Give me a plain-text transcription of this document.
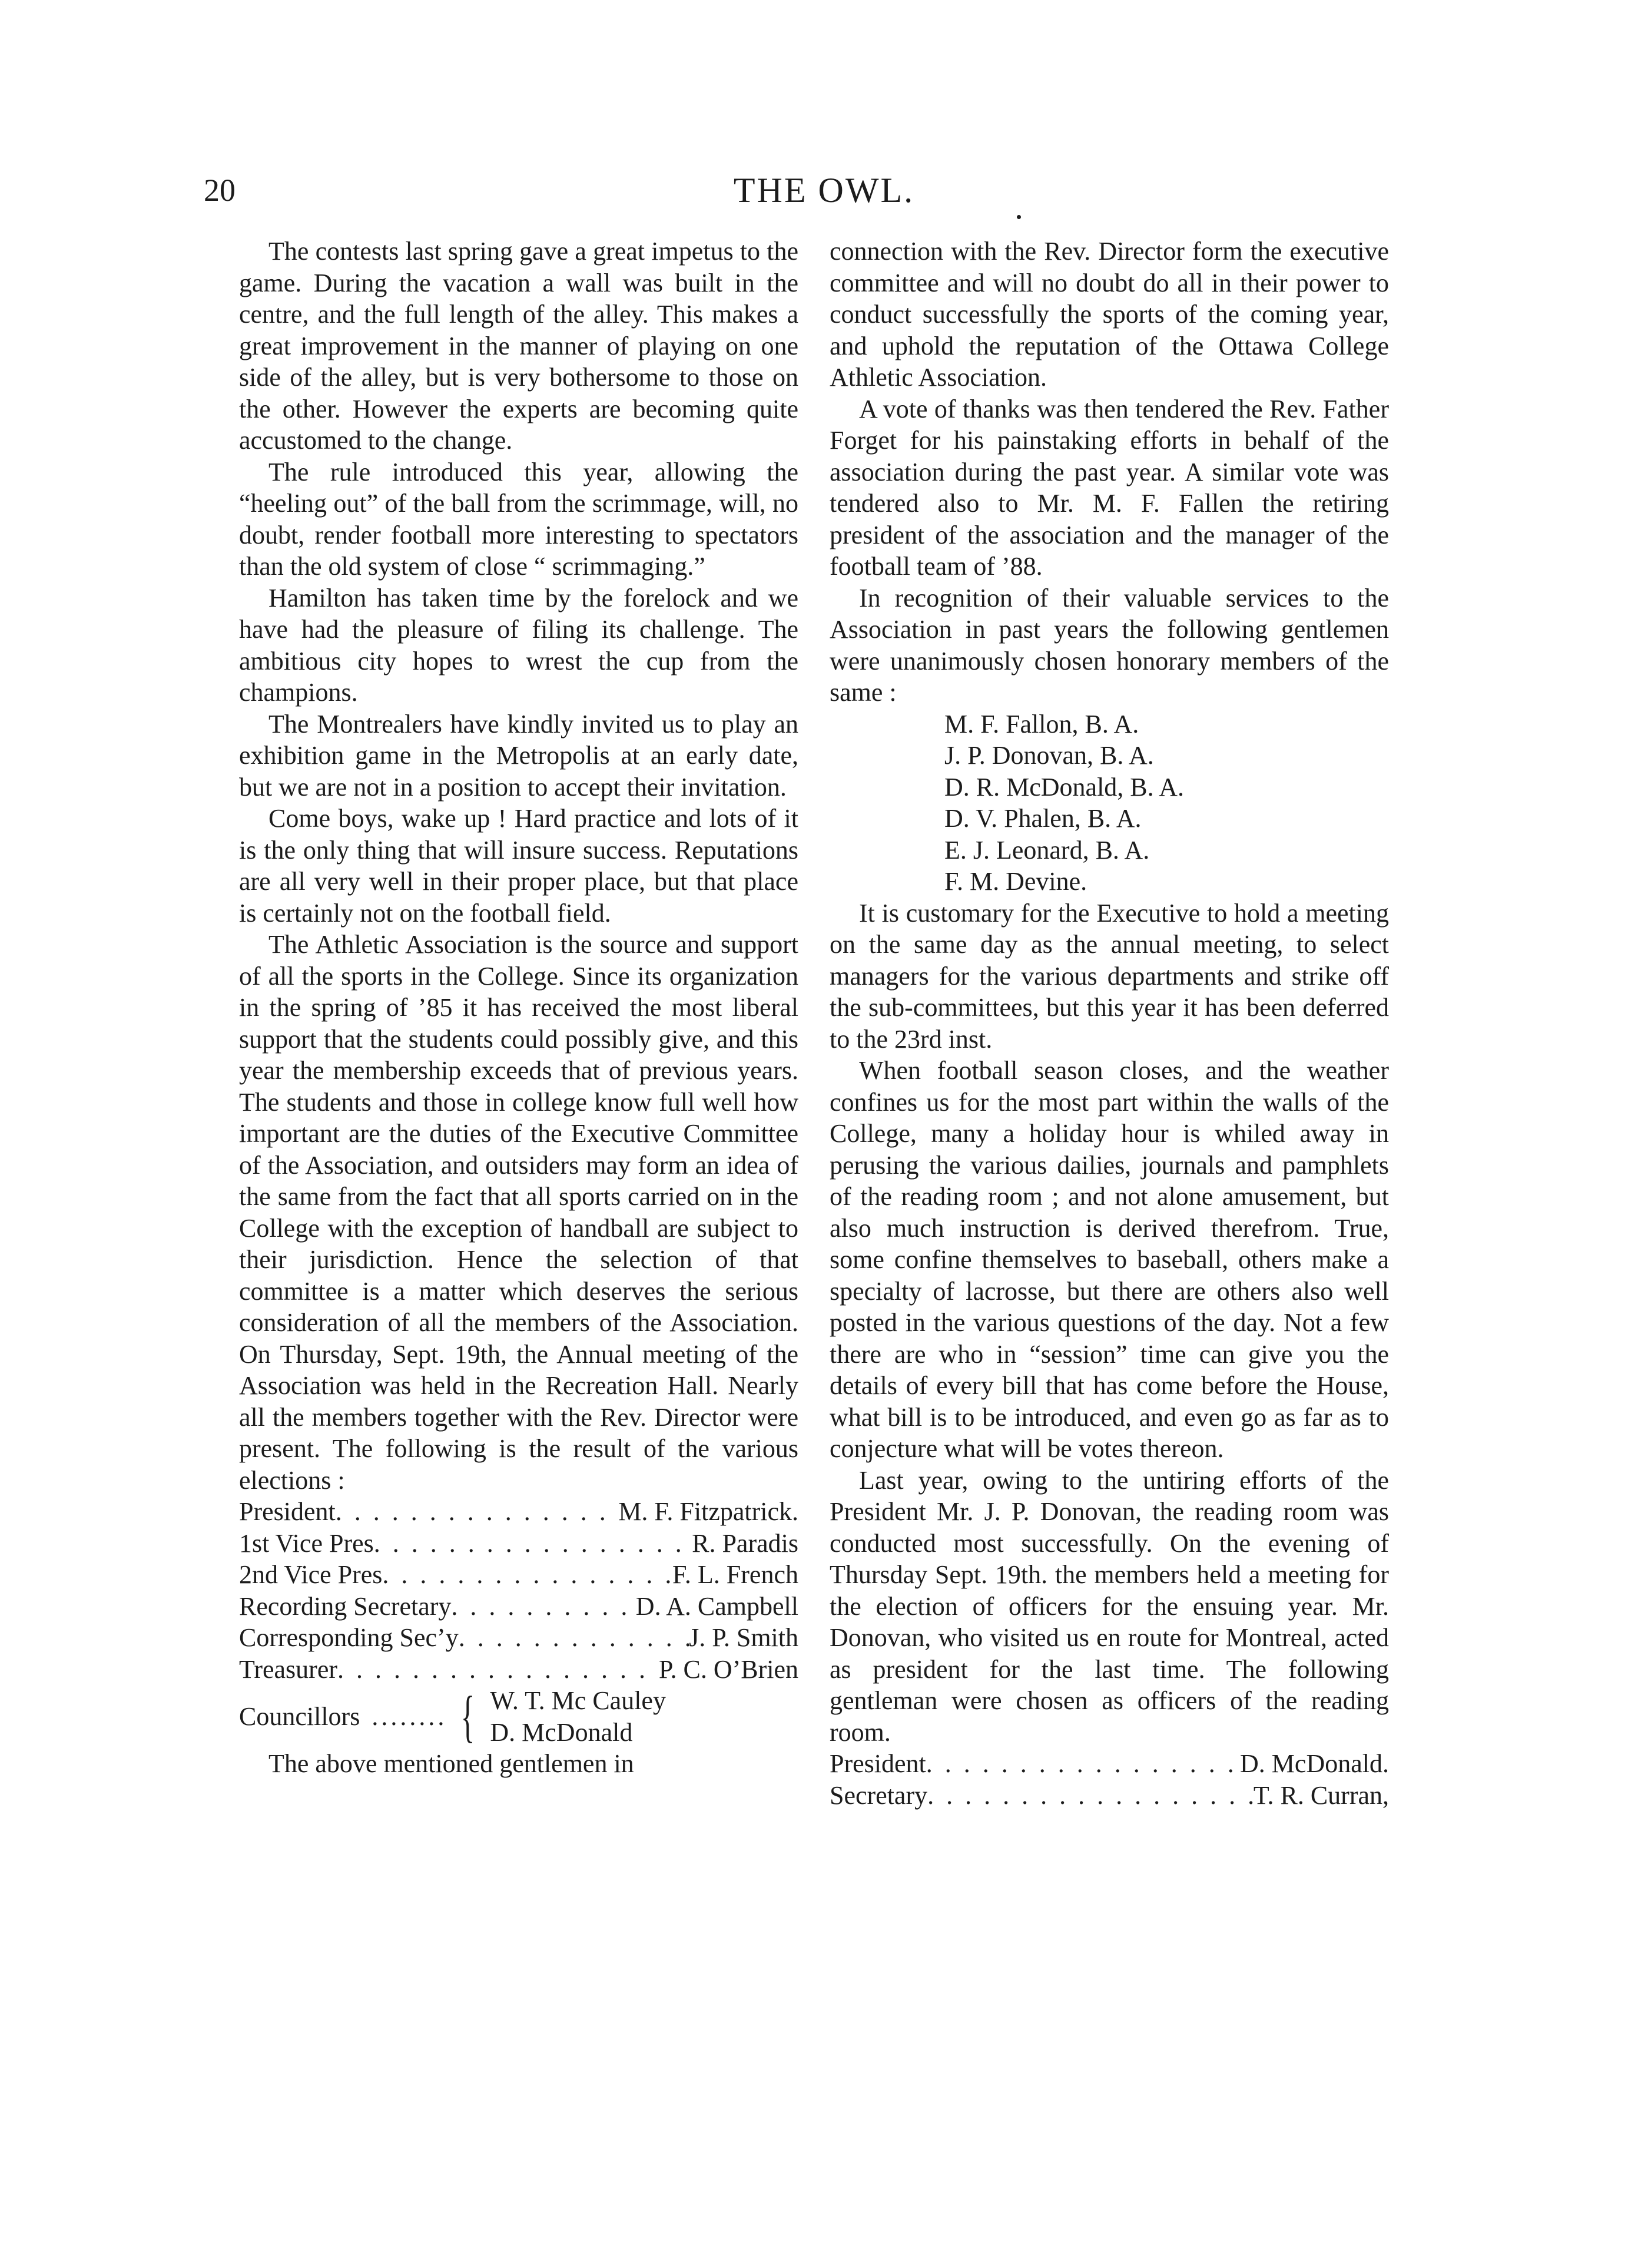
20	THE OWL.

The contests last spring gave a great impetus to the game. During the vacation a wall was built in the centre, and the full length of the alley. This makes a great improvement in the manner of playing on one side of the alley, but is very bothersome to those on the other. However the experts are becoming quite accustomed to the change.

The rule introduced this year, allowing the “heeling out” of the ball from the scrimmage, will, no doubt, render football more interesting to spectators than the old system of close “ scrimmaging.”

Hamilton has taken time by the forelock and we have had the pleasure of filing its challenge. The ambitious city hopes to wrest the cup from the champions.

The Montrealers have kindly invited us to play an exhibition game in the Metropolis at an early date, but we are not in a position to accept their invitation.

Come boys, wake up ! Hard practice and lots of it is the only thing that will insure success. Reputations are all very well in their proper place, but that place is certainly not on the football field.

The Athletic Association is the source and support of all the sports in the College. Since its organization in the spring of ’85 it has received the most liberal support that the students could possibly give, and this year the membership exceeds that of previous years. The students and those in college know full well how important are the duties of the Executive Committee of the Association, and outsiders may form an idea of the same from the fact that all sports carried on in the College with the exception of handball are subject to their jurisdiction. Hence the selection of that committee is a matter which deserves the serious consideration of all the members of the Association. On Thursday, Sept. 19th, the Annual meeting of the Association was held in the Recreation Hall. Nearly all the members together with the Rev. Director were present. The following is the result of the various elections :

President . . .	M. F. Fitzpatrick.
1st Vice Pres . . .	R. Paradis
2nd Vice Pres . . .	F. L. French
Recording Secretary . . .	D. A. Campbell
Corresponding Sec’y . . .	J. P. Smith
Treasurer . . .	P. C. O’Brien
Councillors ........ { W. T. Mc Cauley
D. McDonald

The above mentioned gentlemen in

connection with the Rev. Director form the executive committee and will no doubt do all in their power to conduct successfully the sports of the coming year, and uphold the reputation of the Ottawa College Athletic Association.

A vote of thanks was then tendered the Rev. Father Forget for his painstaking efforts in behalf of the association during the past year. A similar vote was tendered also to Mr. M. F. Fallen the retiring president of the association and the manager of the football team of ’88.

In recognition of their valuable services to the Association in past years the following gentlemen were unanimously chosen honorary members of the same :

M. F. Fallon, B. A.
J. P. Donovan, B. A.
D. R. McDonald, B. A.
D. V. Phalen, B. A.
E. J. Leonard, B. A.
F. M. Devine.

It is customary for the Executive to hold a meeting on the same day as the annual meeting, to select managers for the various departments and strike off the sub-committees, but this year it has been deferred to the 23rd inst.

When football season closes, and the weather confines us for the most part within the walls of the College, many a holiday hour is whiled away in perusing the various dailies, journals and pamphlets of the reading room ; and not alone amusement, but also much instruction is derived therefrom. True, some confine themselves to baseball, others make a specialty of lacrosse, but there are others also well posted in the various questions of the day. Not a few there are who in “session” time can give you the details of every bill that has come before the House, what bill is to be introduced, and even go as far as to conjecture what will be votes thereon.

Last year, owing to the untiring efforts of the President Mr. J. P. Donovan, the reading room was conducted most successfully. On the evening of Thursday Sept. 19th. the members held a meeting for the election of officers for the ensuing year. Mr. Donovan, who visited us en route for Montreal, acted as president for the last time. The following gentleman were chosen as officers of the reading room.

President . . .	D. McDonald.
Secretary . . .	T. R. Curran,
